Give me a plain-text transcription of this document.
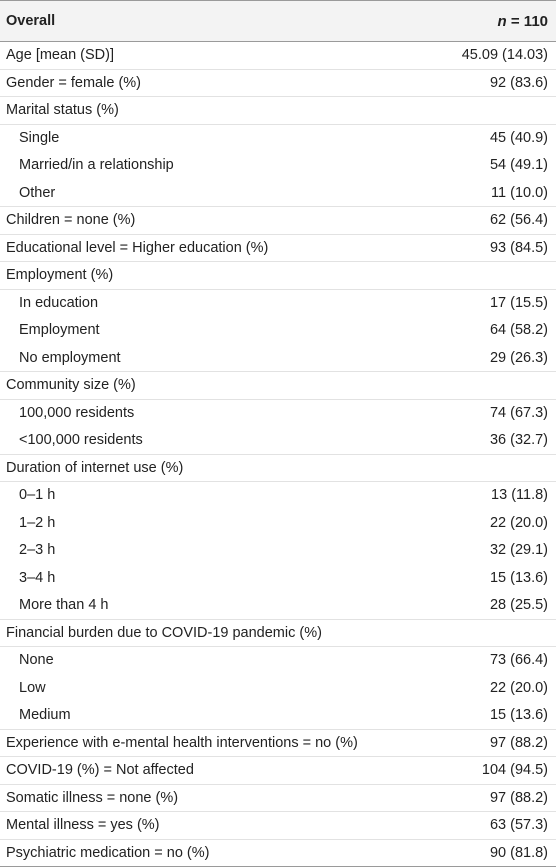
Overall	n = 110
Age [mean (SD)]	45.09 (14.03)
Gender = female (%)	92 (83.6)
Marital status (%)	
Single	45 (40.9)
Married/in a relationship	54 (49.1)
Other	11 (10.0)
Children = none (%)	62 (56.4)
Educational level = Higher education (%)	93 (84.5)
Employment (%)	
In education	17 (15.5)
Employment	64 (58.2)
No employment	29 (26.3)
Community size (%)	
100,000 residents	74 (67.3)
<100,000 residents	36 (32.7)
Duration of internet use (%)	
0–1 h	13 (11.8)
1–2 h	22 (20.0)
2–3 h	32 (29.1)
3–4 h	15 (13.6)
More than 4 h	28 (25.5)
Financial burden due to COVID-19 pandemic (%)	
None	73 (66.4)
Low	22 (20.0)
Medium	15 (13.6)
Experience with e-mental health interventions = no (%)	97 (88.2)
COVID-19 (%) = Not affected	104 (94.5)
Somatic illness = none (%)	97 (88.2)
Mental illness = yes (%)	63 (57.3)
Psychiatric medication = no (%)	90 (81.8)
